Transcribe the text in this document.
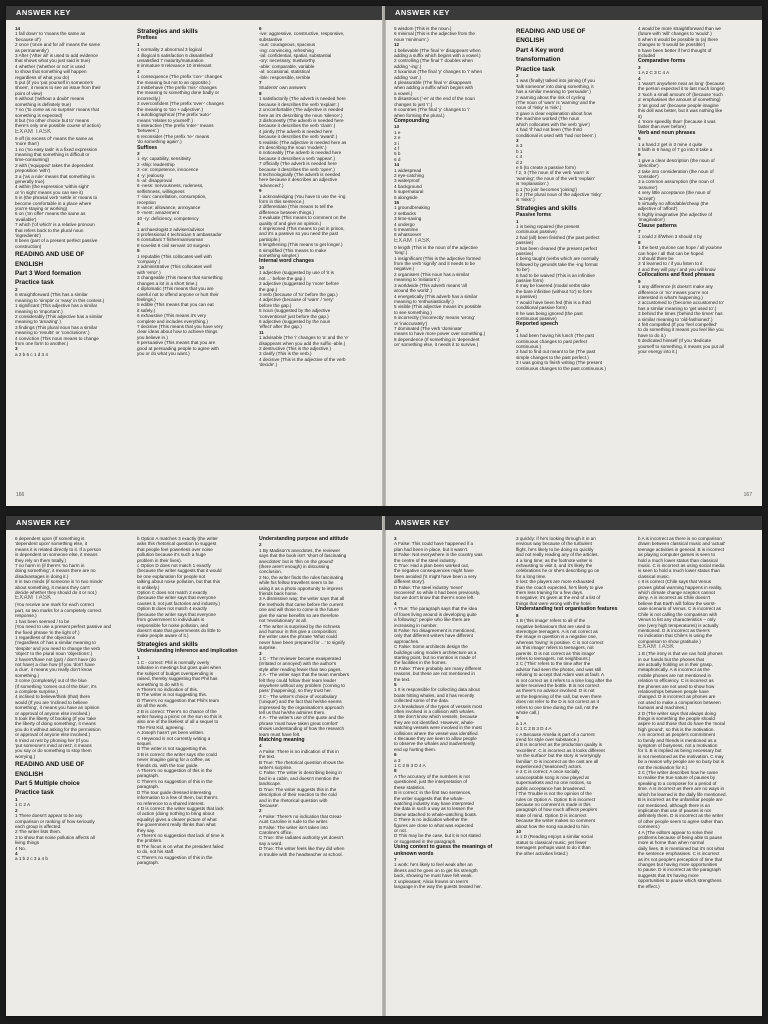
ANSWER KEY
14
1 fall down' to 'moans the same as
'because of')
2 once ('once and for all' means the same
as permanently')
3 After ('After all' is used to add evidence
that shows what you just said is true)
4 whether ('whether or not' is used
to show that something will happen
regardless of what you do)
5 put (if you 'put yourself in someone's
shoes', it means to see an issue from their
point of view)
6 without ('without a doubt' means
something is definitely true)
7 no ('to come as no surprise' means that
something is expected)
8 but ('no other choice but to' means
there's only one possible course of action)
EXAM TASK
9 off (in excess of' means the same as
'more than')
1 no ('no easy task' is a fixed expression
meaning that something is difficult or
time-consuming)
2 with ('equipped' takes the dependent
preposition 'with')
3 a ('as a rule' means that something is
generally true)
4 within (the expression 'within sight'
or 'in sight' means you can see it)
5 in (the phrasal verb 'settle in' means to
become comfortable in a place where
you're staying or working)
6 on ('on offer' means the same as
'available')
7 which ('of which' is a relative pronoun
that refers back to the plural noun
'ingredients')
8 been (part of a present perfect passive
construction)
READING AND USE OF
ENGLISH
Part 3 Word formation
Practice task
2
8 straightforward (This has a similar
meaning to 'simple' or 'easy' in this context.)
1 significant (This adjective has a similar
meaning to 'important'.)
2 considerably (This adjective has a similar
meaning to 'amazing'.)
3 findings (This plural noun has a similar
meaning to 'results' or 'conclusions'.)
4 conviction (This noun means to change
from one form to another.)
3
a 2 b 6 c 1 d 3 4
Strategies and skills
Prefixes
1
1 normality 2 abnormal 3 logical
4 illogical 5 satisfaction 6 dissatisfied/
unsatisfied 7 maturity/maturation
8 immature 9 relevance 10 irrelevant
2
1 consequence (The prefix 'con-' changes
the meaning but not to an opposite.)
2 misbehave (The prefix 'mis-' changes
the meaning to something done badly or
incorrectly.)
3 overconfident (The prefix 'over-' changes
the meaning to 'too + adjective'.)
4 autobiographical (The prefix 'auto-'
means 'relates to yourself'.)
5 interactive (The prefix 'inter-' means
'between'.)
6 reconsider (The prefix 're-' means
'do something again'.)
Suffixes
3
1 -ity: capability, sensitivity
2 -ship: leadership
3 -ce: competence, innocence
4 -y: jealousy
5 -al: disapproval
6 -ness: nervousness, rudeness,
selfishness, willingness
7 -tion: cancellation, consumption,
reception
8 -ance: allowance, annoyance
9 -ment: amazement
10 -ry: deficiency, competency
4
1 archaeologist 2 adviser/advisor
3 professional 4 technician 5 ambassador
6 consultant 7 fisherman/woman
8 novelist 9 civil servant 10 surgeon
5
1 reputable (This collocates well with
'company'.)
2 administrative (This collocates well
with 'error'.)
3 changeable (This means that something
changes a lot in a short time.)
4 diplomatic (This means that you are
careful not to offend anyone or hurt their
feelings.)
5 edible (This means that you can eat
it safely.)
6 exhaustive (This means it's very
complete and includes everything.)
7 decisive (This means that you have very
clear ideas about how to achieve things
you believe in.)
8 persuasive (This means that you are
good at persuading people to agree with
you or do what you want.)
6
-ive: aggressive, constructive, responsive,
substantive
-ous: courageous, spacious
-ing: convincing, refreshing
-ial: confidential, spatial, substantial
-ory: necessary, trustworthy
-able: comparable, variable
-al: occasional, statistical
-ible: responsible, terrible
7
Students' own answers
8
1 satisfactorily (The adverb is needed here
because it describes the verb 'explain'.)
2 uncomfortable (The adjective is needed
here as it's describing the noun 'silence'.)
3 dishonestly (The adverb is needed here
because it describes the verb 'claim'.)
4 jointly (The adverb is needed here
because it describes the verb 'award'.)
5 realistic (The adjective is needed here as
it's describing the noun 'models'.)
6 noticeably (The adverb is needed here
because it describes a verb 'appear'.)
7 officially (The adverb is needed here
because it describes the verb 'open'.)
8 technologically (The adverb is needed
here because it describes an adjective
'advanced'.)
9
1 acknowledging (You have to use the -ing
form in this sentence.)
2 differentiate (This means to tell the
difference between things.)
3 evaluate (This means to comment on the
quality of and give an opinion.)
4 imprisoned (This means to put in prison,
and it's a passive so you need the past
participle.)
5 lengthening (This means to get longer.)
6 simplified (This means to make
something simpler.)
Internal word changes
10
1 adjective (suggested by use of 'it is
not ...' before the gap.)
2 adjective (suggested by 'more' before
the gap.)
3 verb (because of 'to' before the gap.)
4 adjective (because of 'warn' / 'very'
before the gap.)
5 noun (suggested by the adjective
'conventional' just before the gap.)
6 adjective (suggested by the noun
'effect' after the gap.)
11
1 advisable (The 'i' changes to 'a' and the 'e'
disappears when you add the suffix -able.)
2 destructive (This is the adjective.)
3 clarify (This is the verb.)
4 decisive (This is the adjective of the verb
'decide'.)
166
ANSWER KEY
5 wisdom (This is the noun.)
6 minimal (This is the adjective from the
noun 'minimum'.)
12
1 believable (The final 'e' disappears when
adding a suffix which begins with a vowel.)
2 controlling (The final 'l' doubles when
adding '-ing'.)
3 luxurious (The final 'y' changes to 'i' when
adding 'ous'.)
4 pleasurable (The final 'e' disappears
when adding a suffix which begins with
a vowel.)
5 disastrous ('-er' at the end of the noun
changes to just 'r'.)
6 countries (The final 'y' changes to 'i'
when forming the plural.)
Compounding
13
1 e
2 e
3 i
4 f
5 b
6 d
14
1 widespread
2 eye-catching
3 waterproof
4 background
5 supernatural
6 alongside
15
1 groundbreaking
2 setbacks
3 time-saving
4 undergo
5 meantime
6 whatsoever
EXAM TASK
0 length (This is the noun of the adjective
'long'.)
1 insignificant (This is the adjective formed
from the verb 'signify' and it needs to be
negative.)
2 organisers (This noun has a similar
meaning to 'initiators'.)
3 worldwide (This adverb means 'all
around the world'.)
4 energetically (This adverb has a similar
meaning to 'enthusiastically'.)
5 visible (This adjective means it's possible
to see something.)
6 incorrectly ('incorrectly' means 'wrong'
or 'inaccurately')
7 dominated (The verb 'dominate'
means to have more power over something.)
8 dependence (If something is 'dependent
on' something else, it needs it to survive.)
READING AND USE OF
ENGLISH
Part 4 Key word
transformation
Practice task
2
1 was (finally) talked into joining (If you
'talk someone' into doing something, it
has a similar meaning to 'persuade'.)
2 warning about the risk of cycling
(The noun of 'warn' is 'warning' and the
noun of 'risky' is 'risk'.)
3 gave a clear explanation about how
the machine worked (The noun
which collocates with the verb 'give')
4 had 'if' had not been (The third
conditional is used with 'had not been'.)
3
a 3
b 1
c 4
d 2
e 5 (to create a passive form)
f 2, 3 (The noun of the verb 'warn' is
'warning'; the noun of the verb 'explain'
is 'explanation'.)
g 1 ('to join' becomes 'joining')
h 2 (The plural noun of the adjective 'risky'
is 'risks'.)
Strategies and skills
Passive forms
1
1 is being repaired (the present
continuous passive)
2 had (all) been finished (the past perfect
passive)
3 has been cleaned (the present perfect
passive)
4 being taught (verbs which are normally
followed by gerunds take the -ing format
'to be')
5 had to be waived (This is an infinitive
passive form)
6 may be lowered (modal verbs take
the bare infinitive (without 'to') to form
a passive)
7 would have been fed (this is a third
conditional passive form)
8 he was being ignored (the past
continuous passive)
Reported speech
2
1 had been having his lunch (The past
continuous changes to past perfect
continuous.)
2 had to find out meant to be (The past
simple changes to the past perfect.)
3 I was going to finish writing (The present
continuous changes to the past continuous.)
4 would be more straightforward than we
(future with 'will' changes to 'would'.)
5 when it would be possible to (a) there
changes to 'it would be possible')
6 have been better if he'd thought of
included
Comparative forms
3
1 A 2 C 3 C 4 A
4
1 'wasn't anywhere near as long' (because
the person expected it to last much longer)
2 'such a small amount of' (because 'such
a' emphasises the amount of something)
3 'as good as' (because people imagine
this doll was better, but it was nothing like
it)
4 'more speedily than' (because it was
faster than ever before)
Verb and noun phrases
5
1 a hand 2 get in 3 mine 4 quite
5 faith in 6 hang of 7 go into 8 take a
6
1 give a clear description (the noun of
'describe')
2 take into consideration (the noun of
'consider')
3 a common assumption (the noun of
'assume')
4 very little acceptance (the noun of
'accept')
5 virtually no affordable/cheap (the
adjective of 'afford')
6 highly imaginative (the adjective of
'imagination')
Clause patterns
7
1 could 2 if/When 3 should 4 by
8
1 the best you/one can hope / all you/one
can hope / all that can be hoped
2 should there be
3 'd learned to / if you listen to it
4 and they will pay / and you will know
Collocations and fixed phrases
9
1 any difference (it doesn't make any
difference or 'no' means you're not
interested in what's happening.)
2 accustomed to ('become accustomed to'
has a similar meaning to 'get used to'.)
3 behind the times ('behind the times' has
a similar meaning to 'old-fashioned'.)
4 felt compelled (If you 'feel compelled'
to do something it means you feel like you
have to do it.)
5 dedicated himself (If you 'dedicate
yourself to something, it means you put all
your energy into it.)
167
ANSWER KEY
6 dependent upon (If something is
'dependent upon' something else, it
means it is related directly to it. If a person
is dependent on someone else, it means
they rely on them totally.)
7 no harm in (if there's 'no harm in
doing something', it means there are no
disadvantages in doing it.)
8 in two minds (if someone is 'in two minds'
about something, it means they can't
decide whether they should do it or not.)
EXAM TASK
(You receive one mark for each correct
part, so two marks for a completely correct
response.)
1 has been seemed / to be
(You need to use a present perfect passive and
the fixed phrase 'in the light of'.)
1 regardless of the objections
('regardless of' has a similar meaning to
'despite' and you need to change the verb
'object' to the plural noun 'objections'.)
2 haven't/have not (got) / don't have (do
not have) a clue how (If you 'don't have
a clue', it means you really don't know
something.)
3 come (completely) out of the blue
(If something 'comes out of the blue', it's
a complete surprise.)
4 inclined to believe/think (that) there
would (If you are 'inclined to believe
something', it means you have an opinion
or approval of anyone else involved.)
5 took the liberty of booking (If you 'take
the liberty of doing something', it means
you do it without asking for the permission
or approval of anyone else involved.)
6 mind at rest by phoning her (If you
'put someone's mind at rest', it means
you say or do something to stop them
worrying.)
READING AND USE OF
ENGLISH
Part 5 Multiple choice
Practice task
1
1 C 2 A
2
1 There doesn't appear to be any
comparison or ranking of how seriously
each group is affected.
2 The writer lists them.
3 to show that noise pollution affects all
living things
4 No.
4
a 1 b 2 c 3 a 4 b
b Option A matches 3 exactly (the writer
asks this rhetorical question to suggest
that people feel powerless over noise
pollution because it's such a huge
problem in their lives).
c Option D does not match 1 exactly
(because the writer suggests that it would
be one explanation for people not
talking about noise pollution, but that this
is unlikely.)
Option C does not match 2 exactly
(because the writer says that everyone
causes it, not just factories and industry.)
Option B does not match 4 exactly
(because the writer says that everyone
from government to individuals is
responsible for noise pollution, and
doesn't state that governments do little to
make people aware of it.)
Strategies and skills
Understanding inference and implication
1
1 C - correct: Phil is normally overly
talkative in meetings but goes quiet when
the subject of budget overspending is
raised, thereby suggesting that Phil has
something to do with it.
A There's no indication of this.
B The writer is not suggesting this.
D There's no suggestion that Phil's team
do all the work.
2 B is correct: There's no chance of the
writer having a picnic on the sun so this is
also one of the likeliest of all a sequel to
The First Kid, agreeing.
A Joseph hasn't yet been written.
C Heywood is not currently writing a
sequel.
D The writer is not suggesting this.
3 B is correct: the writer says she could
never imagine going for a coffee, as
friends do, with the tour guide.
A There's no suggestion of this in the
paragraph.
C There's no suggestion of this in the
paragraph.
D The tour guide dressed interesting
information to a few of them, but there's
no reference to a shared interest.
4 D is correct: the writer suggests that lack
of action (doing nothing to bring about
equality) gives a clearer picture of what
the government really thinks than what
they say.
A There's no suggestion that lack of time is
the problem.
B The focus is on what the president failed
to do, not his staff.
C There's no suggestion of this in the
paragraph.
Understanding purpose and attitude
2
1 By Madison's anecdotes, the reviewer
says that the book isn't 'short of fascinating
anecdotes' but is 'thin on the ground'
(there aren't enough) in discussing
conclusion.
2 No, the writer finds the rules fascinating
while his fellow travellers seem to be
using it as a photo opportunity to impress
friends back home.
3 A dismissive way; the writer says that all
the methods that came before the current
one and will those to come in the future
give the same benefits so are therefore
not 'revolutionary' at all.
4 The writer is surprised by the richness
and humour in this give a composition;
the writer uses the phrase 'What could
never have been prepared for ...' to signify
surprise.
3
1 C - The reviewer became exasperated
(irritated or annoyed) with the author's
style after reading fewer than two pages.
2 A - The writer says that the team members
felt they could follow their team leader
anywhere without any problem ('coming to
pass' (happening), so they trust her.
3 C - The writer's choice of vocabulary
('unique') and the fact that he/she seems
impressed by the organisation's approach
tell us that he/she admires them.
4 A - The writer's use of the quote and the
phrase 'must have taken great comfort'
shows understanding of how the research
team must have felt.
Matching meaning
4
A False: There is no indication of this in
the text.
B True: The rhetorical question shows the
writer's surprise.
C False: The writer is describing being in
bed in a cabin, and doesn't mention the
landscape.
D True: The writer suggests this in the
description of their reaction to the cold
and in the rhetorical question with
'because'.
2
A False: There's no indication that Great-
Aunt Caroline is rude to the writer.
B False: The writer isn't taken into
Caroline's office.
C True: She radiates authority yet doesn't
say a word.
D True: The writer feels like they did when
in trouble with the headteacher at school.
ANSWER KEY
3
A False: This could have happened if a
plan had been in place, but it wasn't.
B False: Not everywhere in the country was
the centre of the steel industry.
C True: Had a plan been worked out,
the negative consequences might have
been avoided ('it might have been a very
different story').
D False: The steel industry 'never'
recovered' so while it had been previously,
but we don't know that there's none left.
4
A True: The paragraph says that the idea
of foxes living around is developing quite
a following': people who like them are
increasing in number.
B False: No disagreement is mentioned,
only that different writers have different
approaches.
C False: Some architects design the
buildings using modern architecture as a
starting point, but no mention is made of
the facilities in the homes.
D False: There probably are many different
reasons, but these are not mentioned in
the text.
5
1 It is responsible for collecting data about
boats hitting whales, and it has recently
collected some of the data.
2 A breakdown of the types of vessels most
often involved in a collision with whales.
3 We don't know which vessels, because
they are not identified. However, whale-
watching vessels were involved in the most
collisions where the vessel was identified.
4 Because they are keen to allow people
to observe the whales and inadvertently
end up hurting them.
6
a 3
1 C 2 B 3 D 4 A
8
A The accuracy of the numbers is not
questioned, just the interpretation of
these statistics.
B is correct: in the first two sentences,
the writer suggests that the whale-
watching industry may have interpreted
the data in such a way as to lessen the
blame attached to whale-watching boats.
C There is no indication whether the
figures are close to what was expected
or not.
D This may be the case, but it is not stated
or suggested in the paragraph.
Using context to guess the meanings of
unknown words
7
1 work: he's likely to feel weak after an
illness and he goes on to get his strength
back, showing he must have felt weak.
2 unpleasant; Alicia frowns on teen's
language in the way the guests treated her.
3 quickly: if he's looking through it in an
envious way because of the turbulent
flight, he's likely to be doing so quickly
and not really reading any of the articles.
4 a long time; as the footnote writer is
exhausting to visit it, and it's likely the
celebrations he or she's describing go on
for a long time.
5 lost: the players are more exhausted
than the coach expected, he's likely to give
them less training for a few days.
6 negative; it's given at the end of a list of
things that were wrong with the hotel.
Understanding text organisation features
8
1 B ('this image' refers to all of the
negative behaviours that are used to
stereotype teenagers. A is not correct as
the image in question is a negative one,
whereas 'loving' is positive. C is not correct
as 'this image' refers to teenagers, not
parents. D is not correct as 'this image'
refers to teenagers, not neighbours.)
2 C ('This' refers to the time after the
advisor had seen the photos, and was still
refusing to accept that Adam was at fault. A
is not correct as it refers to a time long after the
writer received the bottle. B is not correct
as there's no advisor involved. D is not
at the beginning of the call, but even there
does not refer to the D is not correct as it
refers to one time during the call, not the
whole call.)
9
a 1 A
b 1 C 2 B 3 D 4 A
c A Because Amelia is part of a current
trend for style over substance.)
d B is incorrect as the production quality is
'excellent'. C is incorrect as it looks different
'on the surface' but the story is 'worryingly
familiar'. D is incorrect as the cast are all
experienced ('seasoned') actors.
e 2 C is correct: A once socially
unacceptable song is now played at
supermarkets and no one notices, so
public acceptance has broadened.
f The Trouble is not the opinion of the
rules on Option A. Option B is incorrect
because no comment is made in this
paragraph of how much affects people's
state of mind. Option D is incorrect
because the writer makes no comment
about how the song sounded to him.
10
a 1 D (Reading enjoys a similar social
status to classical music; yet fewer
teenagers perhaps want to do it than
the other activities listed.)
b A is incorrect as there is no comparison
drawn between classical music and 'actual'
teenage activities in general. B is incorrect
as playing computer games is seen to
hold a much lower status than classical
music. C is incorrect as using social media
is seen to hold a much lower status than
classical music.
c 8 is correct (Chile says that Venus
proves global warming happens in reality,
which climate change sceptics cannot
deny. A is incorrect as Chile doesn't
believe that Earth will follow the worst-
case scenario of Venus. C is incorrect as
Chile is not calling the comparison with
Venus to list any characteristics – only
one (very high temperatures) is actually
mentioned. D is incorrect as there's
no indication that Chile's is using the
comparison to show gratitude.)
EXAM TASK
1 B (The irony is that we can hold phones
in our hands but the phones that
are actually holding us in their grasp,
metaphorically. A is incorrect as the
mobile phones are not mentioned in
relation to efficiency. C is incorrect as
the phones are not used to show how
relationships between people have
changed. D is incorrect as phones are
not used to make a comparison between
humans and machines.)
2 D (The writer says that always doing
things is something the people should
aspire to and those that do have the 'moral
high ground', so this is the motivation.
A is incorrect as people's commitment
to family and friends is mentioned as a
symptom of busyness, not a motivation
for it. B is implied as being necessary but
is not mentioned as the motivation. C may
be a reason why people are so busy but is
not the motivation for it.)
3 C (The writer describes how he came
to realise the true nature of pauses by
speaking to a composer for a period of
time. A is incorrect as there are no ways in
which he learned is the daily life mentioned.
B is incorrect as the unfamiliar people are
not mentioned, although there is an
implication that use of pauses is not
definitely them. D is incorrect as the writer
of other people seem to agree rather than
comment.)
4 A (The editors appear to solve their
problems because of being able to pause
more at home than when normal
daily lives. B is mentioned but it's not what
the sentence emphasises. C is incorrect
as it's not people's perception of time that
changes but having more opportunities
to pause. D is incorrect as the paragraph
suggests that it's having more
opportunities to pause which strengthens
the effect.)
